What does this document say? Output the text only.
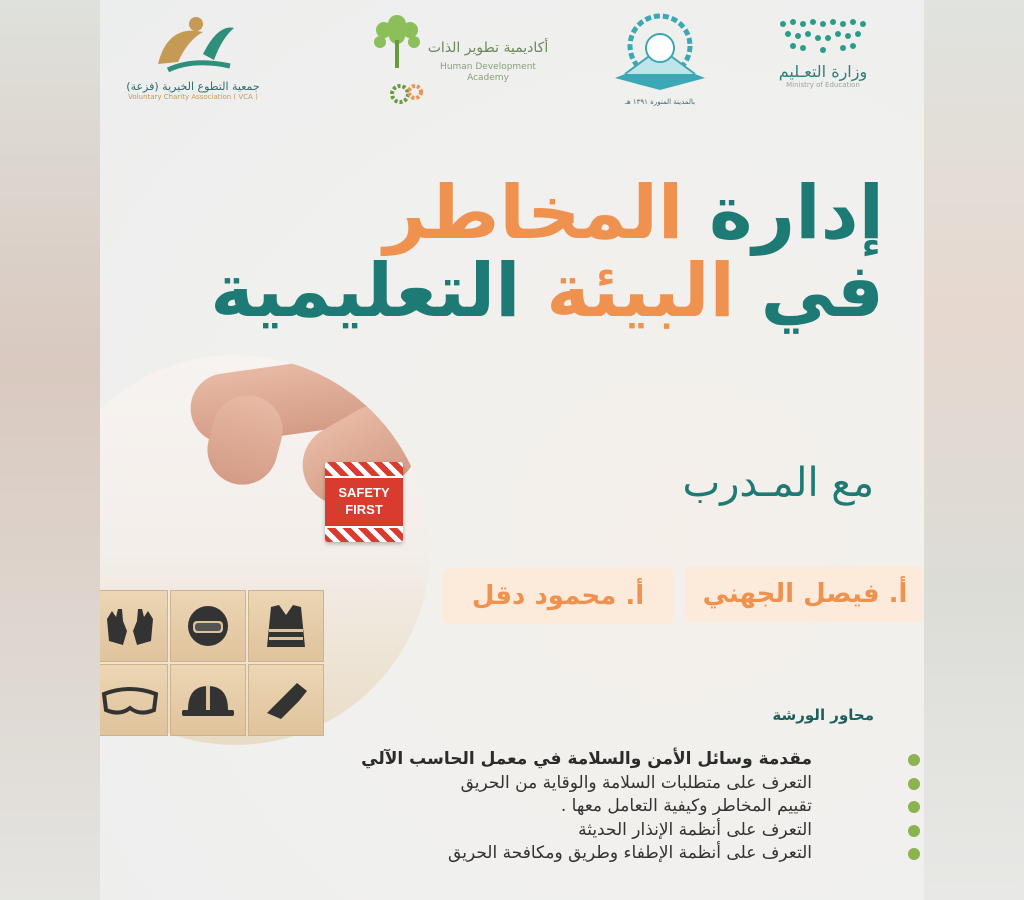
وزارة التعـليم
Ministry of Education
بالمدينة المنورة ١٣٩١ هـ
أكاديمية تطوير الذات
Human Development Academy
جمعية التطوع الخيرية (فزعة)
Voluntary Charity Association ( VCA )
إدارة المخاطر
في البيئة التعليمية
مع المـدرب
أ. فيصل الجهني
أ. محمود دقل
SAFETY
FIRST
محاور الورشة
مقدمة وسائل الأمن والسلامة في معمل الحاسب الآلي
التعرف على متطلبات السلامة والوقاية من الحريق
تقييم المخاطر وكيفية التعامل معها .
التعرف على أنظمة الإنذار الحديثة
التعرف على أنظمة الإطفاء وطريق ومكافحة الحريق
